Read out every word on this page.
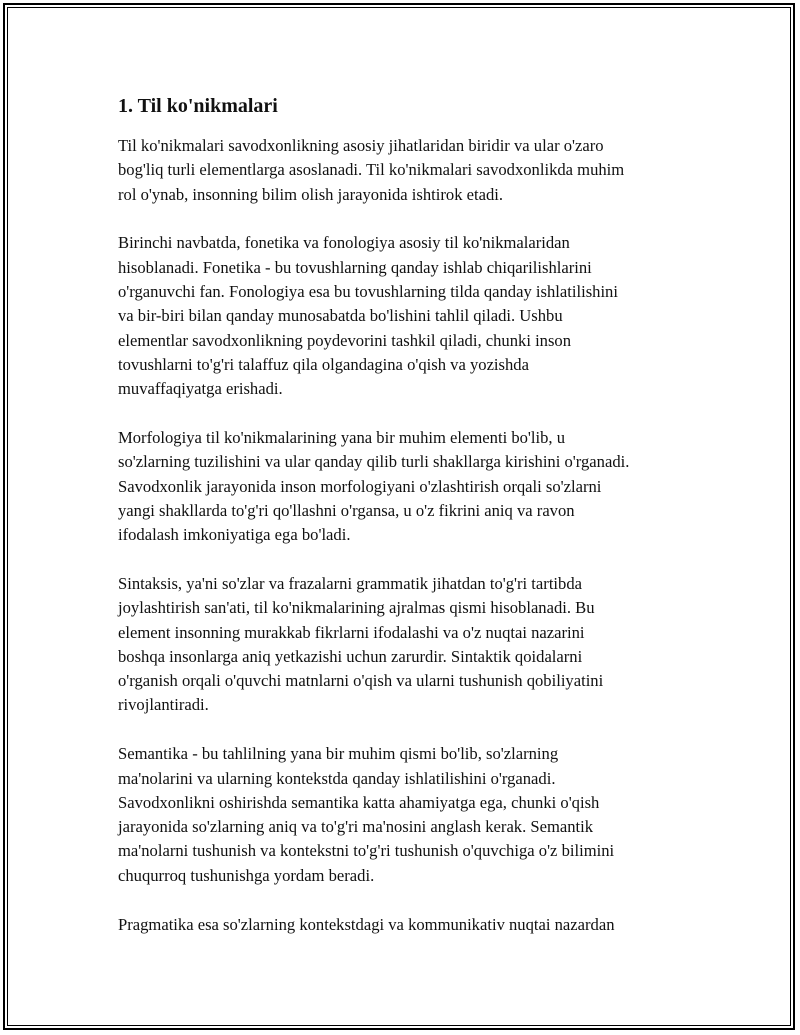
1. Til ko'nikmalari

Til ko'nikmalari savodxonlikning asosiy jihatlaridan biridir va ular o'zaro
bog'liq turli elementlarga asoslanadi. Til ko'nikmalari savodxonlikda muhim
rol o'ynab, insonning bilim olish jarayonida ishtirok etadi.

Birinchi navbatda, fonetika va fonologiya asosiy til ko'nikmalaridan
hisoblanadi. Fonetika - bu tovushlarning qanday ishlab chiqarilishlarini
o'rganuvchi fan. Fonologiya esa bu tovushlarning tilda qanday ishlatilishini
va bir-biri bilan qanday munosabatda bo'lishini tahlil qiladi. Ushbu
elementlar savodxonlikning poydevorini tashkil qiladi, chunki inson
tovushlarni to'g'ri talaffuz qila olgandagina o'qish va yozishda
muvaffaqiyatga erishadi.

Morfologiya til ko'nikmalarining yana bir muhim elementi bo'lib, u
so'zlarning tuzilishini va ular qanday qilib turli shakllarga kirishini o'rganadi.
Savodxonlik jarayonida inson morfologiyani o'zlashtirish orqali so'zlarni
yangi shakllarda to'g'ri qo'llashni o'rgansa, u o'z fikrini aniq va ravon
ifodalash imkoniyatiga ega bo'ladi.

Sintaksis, ya'ni so'zlar va frazalarni grammatik jihatdan to'g'ri tartibda
joylashtirish san'ati, til ko'nikmalarining ajralmas qismi hisoblanadi. Bu
element insonning murakkab fikrlarni ifodalashi va o'z nuqtai nazarini
boshqa insonlarga aniq yetkazishi uchun zarurdir. Sintaktik qoidalarni
o'rganish orqali o'quvchi matnlarni o'qish va ularni tushunish qobiliyatini
rivojlantiradi.

Semantika - bu tahlilning yana bir muhim qismi bo'lib, so'zlarning
ma'nolarini va ularning kontekstda qanday ishlatilishini o'rganadi.
Savodxonlikni oshirishda semantika katta ahamiyatga ega, chunki o'qish
jarayonida so'zlarning aniq va to'g'ri ma'nosini anglash kerak. Semantik
ma'nolarni tushunish va kontekstni to'g'ri tushunish o'quvchiga o'z bilimini
chuqurroq tushunishga yordam beradi.

Pragmatika esa so'zlarning kontekstdagi va kommunikativ nuqtai nazardan
